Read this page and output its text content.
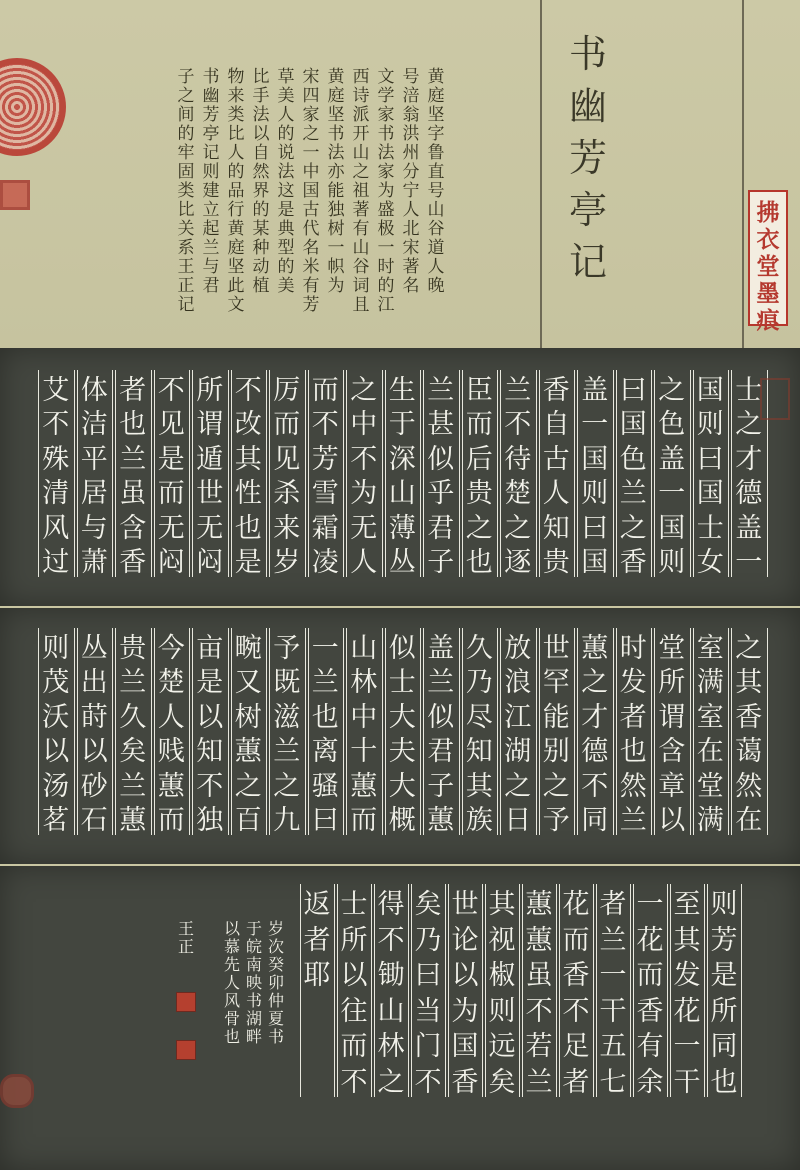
书幽芳亭记
拂衣堂墨痕
黄庭坚字鲁直号山谷道人晚
号涪翁洪州分宁人北宋著名
文学家书法家为盛极一时的江
西诗派开山之祖著有山谷词且
黄庭坚书法亦能独树一帜为
宋四家之一中国古代名米有芳
草美人的说法这是典型的美
比手法以自然界的某种动植
物来类比人的品行黄庭坚此文
书幽芳亭记则建立起兰与君
子之间的牢固类比关系王正记
士
之
才
德
盖
一
国
则
曰
国
士
女
之
色
盖
一
国
则
曰
国
色
兰
之
香
盖
一
国
则
曰
国
香
自
古
人
知
贵
兰
不
待
楚
之
逐
臣
而
后
贵
之
也
兰
甚
似
乎
君
子
生
于
深
山
薄
丛
之
中
不
为
无
人
而
不
芳
雪
霜
凌
厉
而
见
杀
来
岁
不
改
其
性
也
是
所
谓
遁
世
无
闷
不
见
是
而
无
闷
者
也
兰
虽
含
香
体
洁
平
居
与
萧
艾
不
殊
清
风
过
之
其
香
蔼
然
在
室
满
室
在
堂
满
堂
所
谓
含
章
以
时
发
者
也
然
兰
蕙
之
才
德
不
同
世
罕
能
别
之
予
放
浪
江
湖
之
日
久
乃
尽
知
其
族
盖
兰
似
君
子
蕙
似
士
大
夫
大
概
山
林
中
十
蕙
而
一
兰
也
离
骚
曰
予
既
滋
兰
之
九
畹
又
树
蕙
之
百
亩
是
以
知
不
独
今
楚
人
贱
蕙
而
贵
兰
久
矣
兰
蕙
丛
出
莳
以
砂
石
则
茂
沃
以
汤
茗
则
芳
是
所
同
也
至
其
发
花
一
干
一
花
而
香
有
余
者
兰
一
干
五
七
花
而
香
不
足
者
蕙
蕙
虽
不
若
兰
其
视
椒
则
远
矣
世
论
以
为
国
香
矣
乃
曰
当
门
不
得
不
锄
山
林
之
士
所
以
往
而
不
返
者
耶
岁次癸卯仲夏书
于皖南映书湖畔
以慕先人风骨也
王正
